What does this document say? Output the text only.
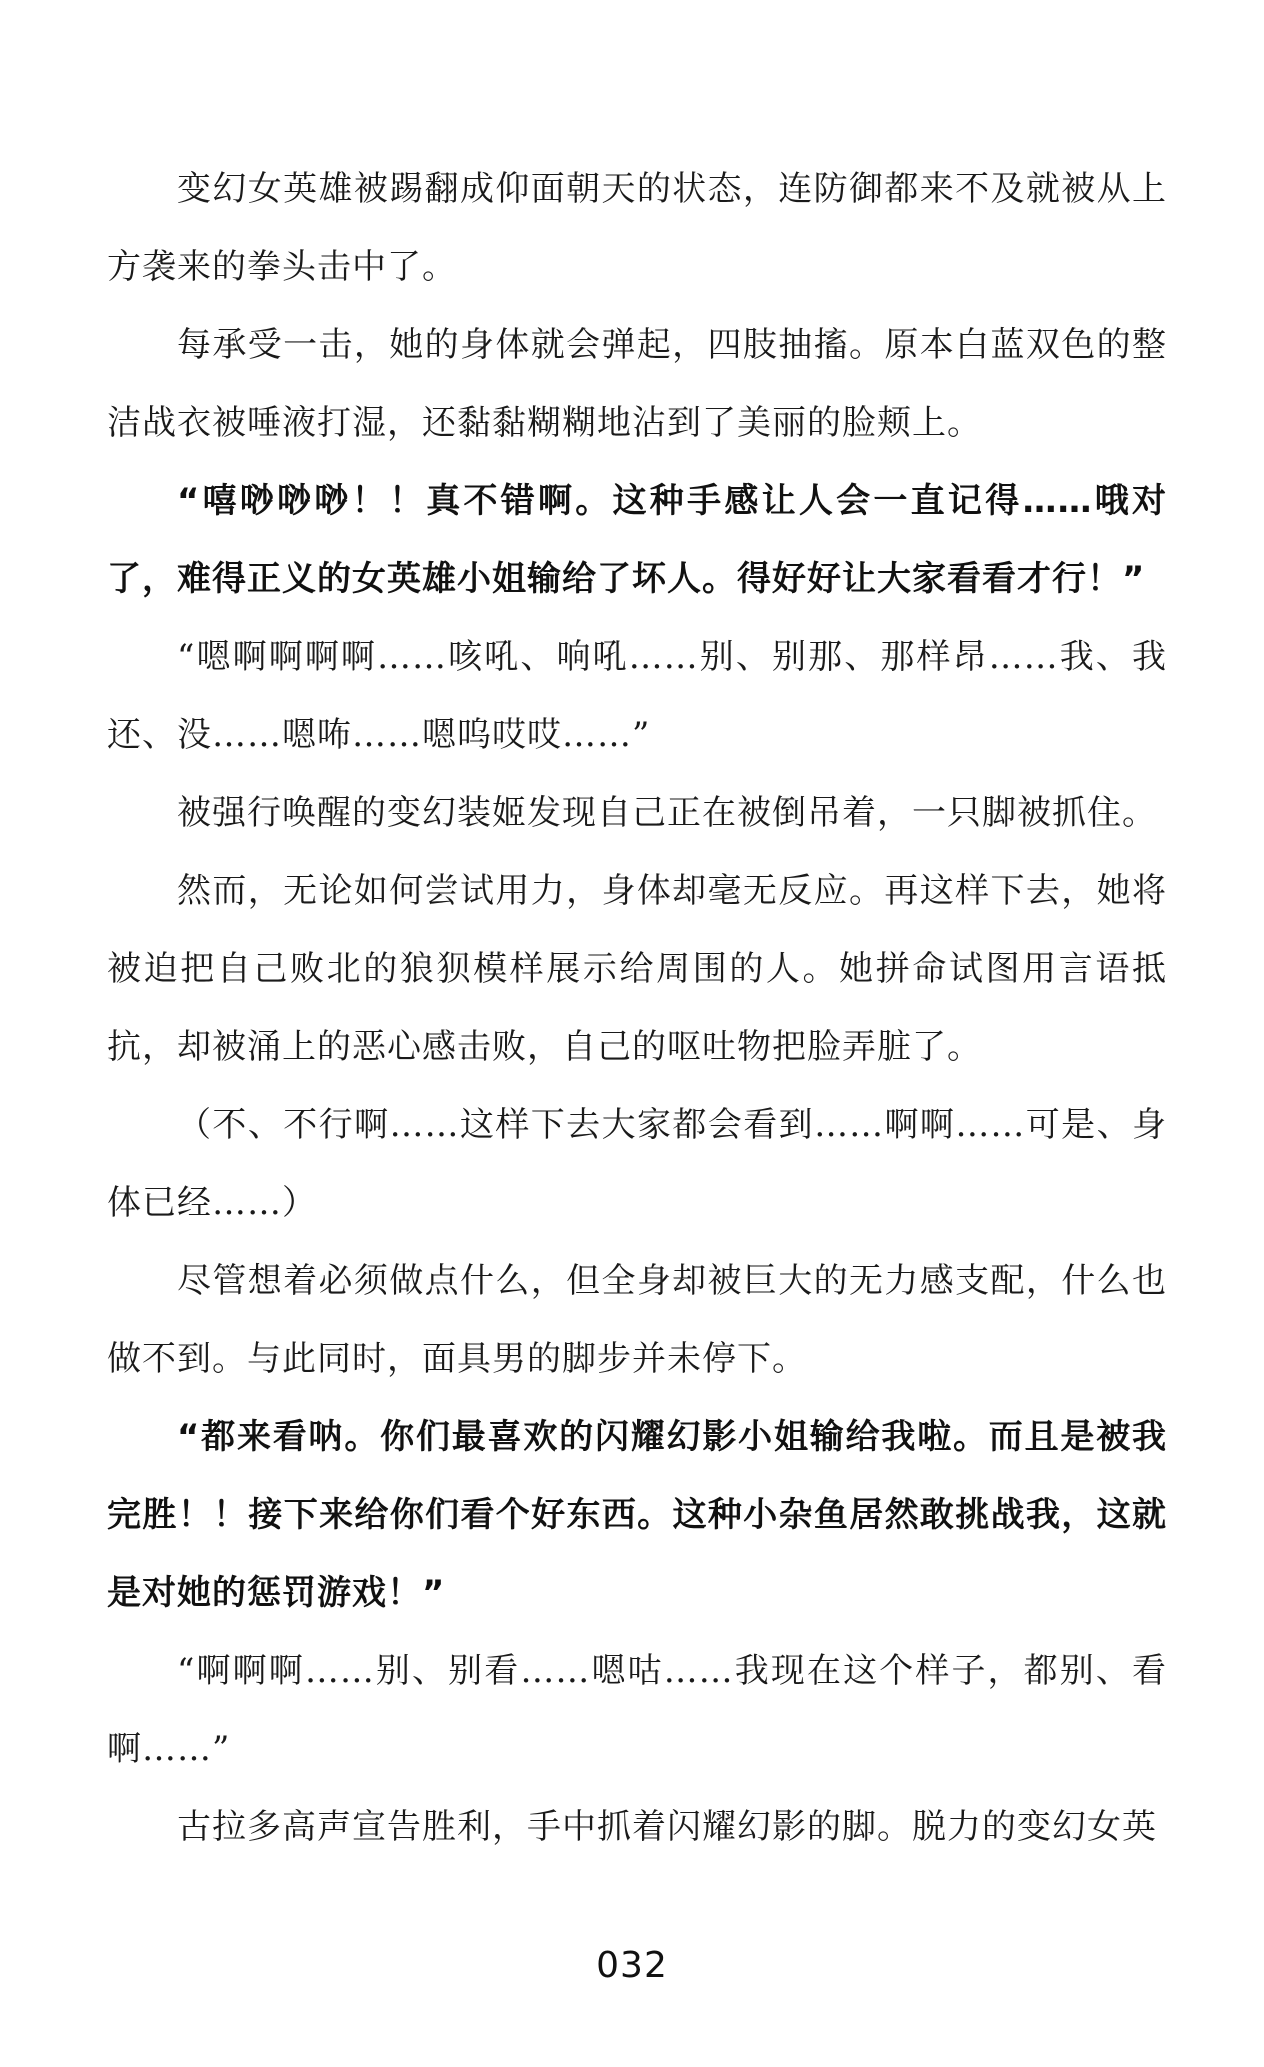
变幻女英雄被踢翻成仰面朝天的状态，连防御都来不及就被从上方袭来的拳头击中了。

每承受一击，她的身体就会弹起，四肢抽搐。原本白蓝双色的整洁战衣被唾液打湿，还黏黏糊糊地沾到了美丽的脸颊上。

“嘻唦唦唦！！真不错啊。这种手感让人会一直记得……哦对了，难得正义的女英雄小姐输给了坏人。得好好让大家看看才行！”

“嗯啊啊啊啊……咳吼、响吼……别、别那、那样昂……我、我还、没……嗯咘……嗯呜哎哎……”

被强行唤醒的变幻装姬发现自己正在被倒吊着，一只脚被抓住。

然而，无论如何尝试用力，身体却毫无反应。再这样下去，她将被迫把自己败北的狼狈模样展示给周围的人。她拼命试图用言语抵抗，却被涌上的恶心感击败，自己的呕吐物把脸弄脏了。

（不、不行啊……这样下去大家都会看到……啊啊……可是、身体已经……）

尽管想着必须做点什么，但全身却被巨大的无力感支配，什么也做不到。与此同时，面具男的脚步并未停下。

“都来看呐。你们最喜欢的闪耀幻影小姐输给我啦。而且是被我完胜！！接下来给你们看个好东西。这种小杂鱼居然敢挑战我，这就是对她的惩罚游戏！”

“啊啊啊……别、别看……嗯咕……我现在这个样子，都别、看啊……”

古拉多高声宣告胜利，手中抓着闪耀幻影的脚。脱力的变幻女英

032
